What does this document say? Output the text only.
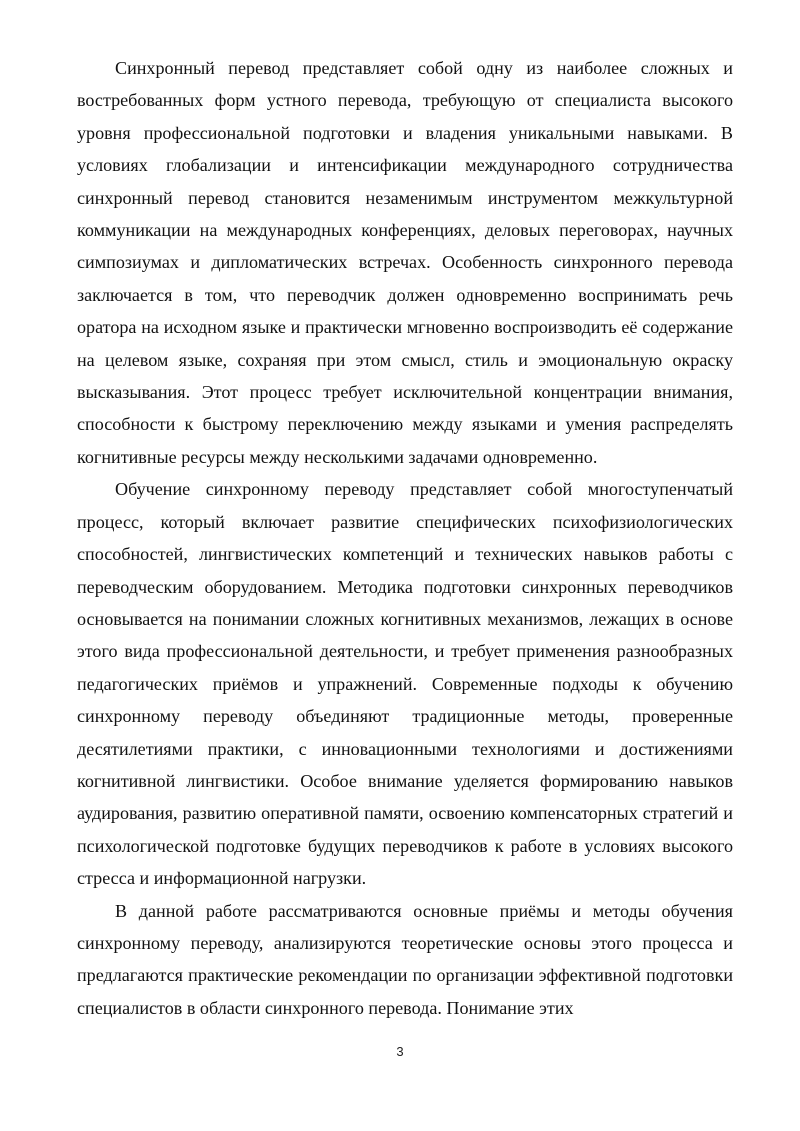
Синхронный перевод представляет собой одну из наиболее сложных и востребованных форм устного перевода, требующую от специалиста высокого уровня профессиональной подготовки и владения уникальными навыками. В условиях глобализации и интенсификации международного сотрудничества синхронный перевод становится незаменимым инструментом межкультурной коммуникации на международных конференциях, деловых переговорах, научных симпозиумах и дипломатических встречах. Особенность синхронного перевода заключается в том, что переводчик должен одновременно воспринимать речь оратора на исходном языке и практически мгновенно воспроизводить её содержание на целевом языке, сохраняя при этом смысл, стиль и эмоциональную окраску высказывания. Этот процесс требует исключительной концентрации внимания, способности к быстрому переключению между языками и умения распределять когнитивные ресурсы между несколькими задачами одновременно.

Обучение синхронному переводу представляет собой многоступенчатый процесс, который включает развитие специфических психофизиологических способностей, лингвистических компетенций и технических навыков работы с переводческим оборудованием. Методика подготовки синхронных переводчиков основывается на понимании сложных когнитивных механизмов, лежащих в основе этого вида профессиональной деятельности, и требует применения разнообразных педагогических приёмов и упражнений. Современные подходы к обучению синхронному переводу объединяют традиционные методы, проверенные десятилетиями практики, с инновационными технологиями и достижениями когнитивной лингвистики. Особое внимание уделяется формированию навыков аудирования, развитию оперативной памяти, освоению компенсаторных стратегий и психологической подготовке будущих переводчиков к работе в условиях высокого стресса и информационной нагрузки.

В данной работе рассматриваются основные приёмы и методы обучения синхронному переводу, анализируются теоретические основы этого процесса и предлагаются практические рекомендации по организации эффективной подготовки специалистов в области синхронного перевода. Понимание этих

3
